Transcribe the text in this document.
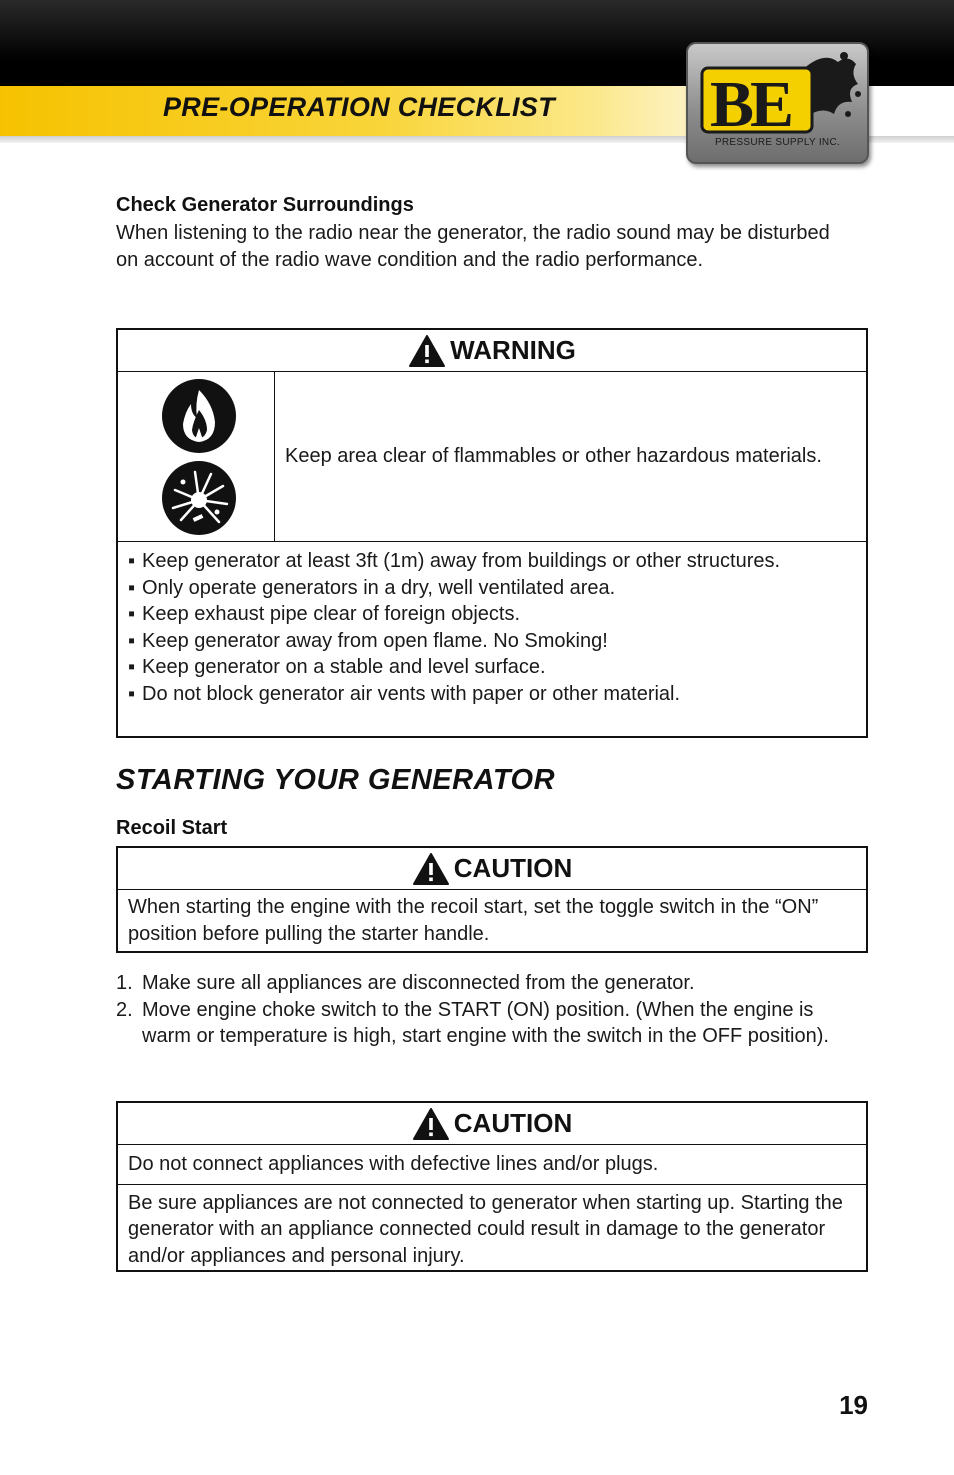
PRE-OPERATION CHECKLIST BE
PRESSURE SUPPLY INC.
Check Generator Surroundings
When listening to the radio near the generator, the radio sound may be disturbed on account of the radio wave condition and the radio performance.
WARNING
Keep area clear of flammables or other hazardous materials.
▪ Keep generator at least 3ft (1m) away from buildings or other structures.
▪ Only operate generators in a dry, well ventilated area.
▪ Keep exhaust pipe clear of foreign objects.
▪ Keep generator away from open flame. No Smoking!
▪ Keep generator on a stable and level surface.
▪ Do not block generator air vents with paper or other material.
STARTING YOUR GENERATOR
Recoil Start
CAUTION
When starting the engine with the recoil start, set the toggle switch in the “ON” position before pulling the starter handle.
1. Make sure all appliances are disconnected from the generator.
2. Move engine choke switch to the START (ON) position. (When the engine is warm or temperature is high, start engine with the switch in the OFF position).
CAUTION
Do not connect appliances with defective lines and/or plugs.
Be sure appliances are not connected to generator when starting up. Starting the generator with an appliance connected could result in damage to the generator and/or appliances and personal injury.
19
